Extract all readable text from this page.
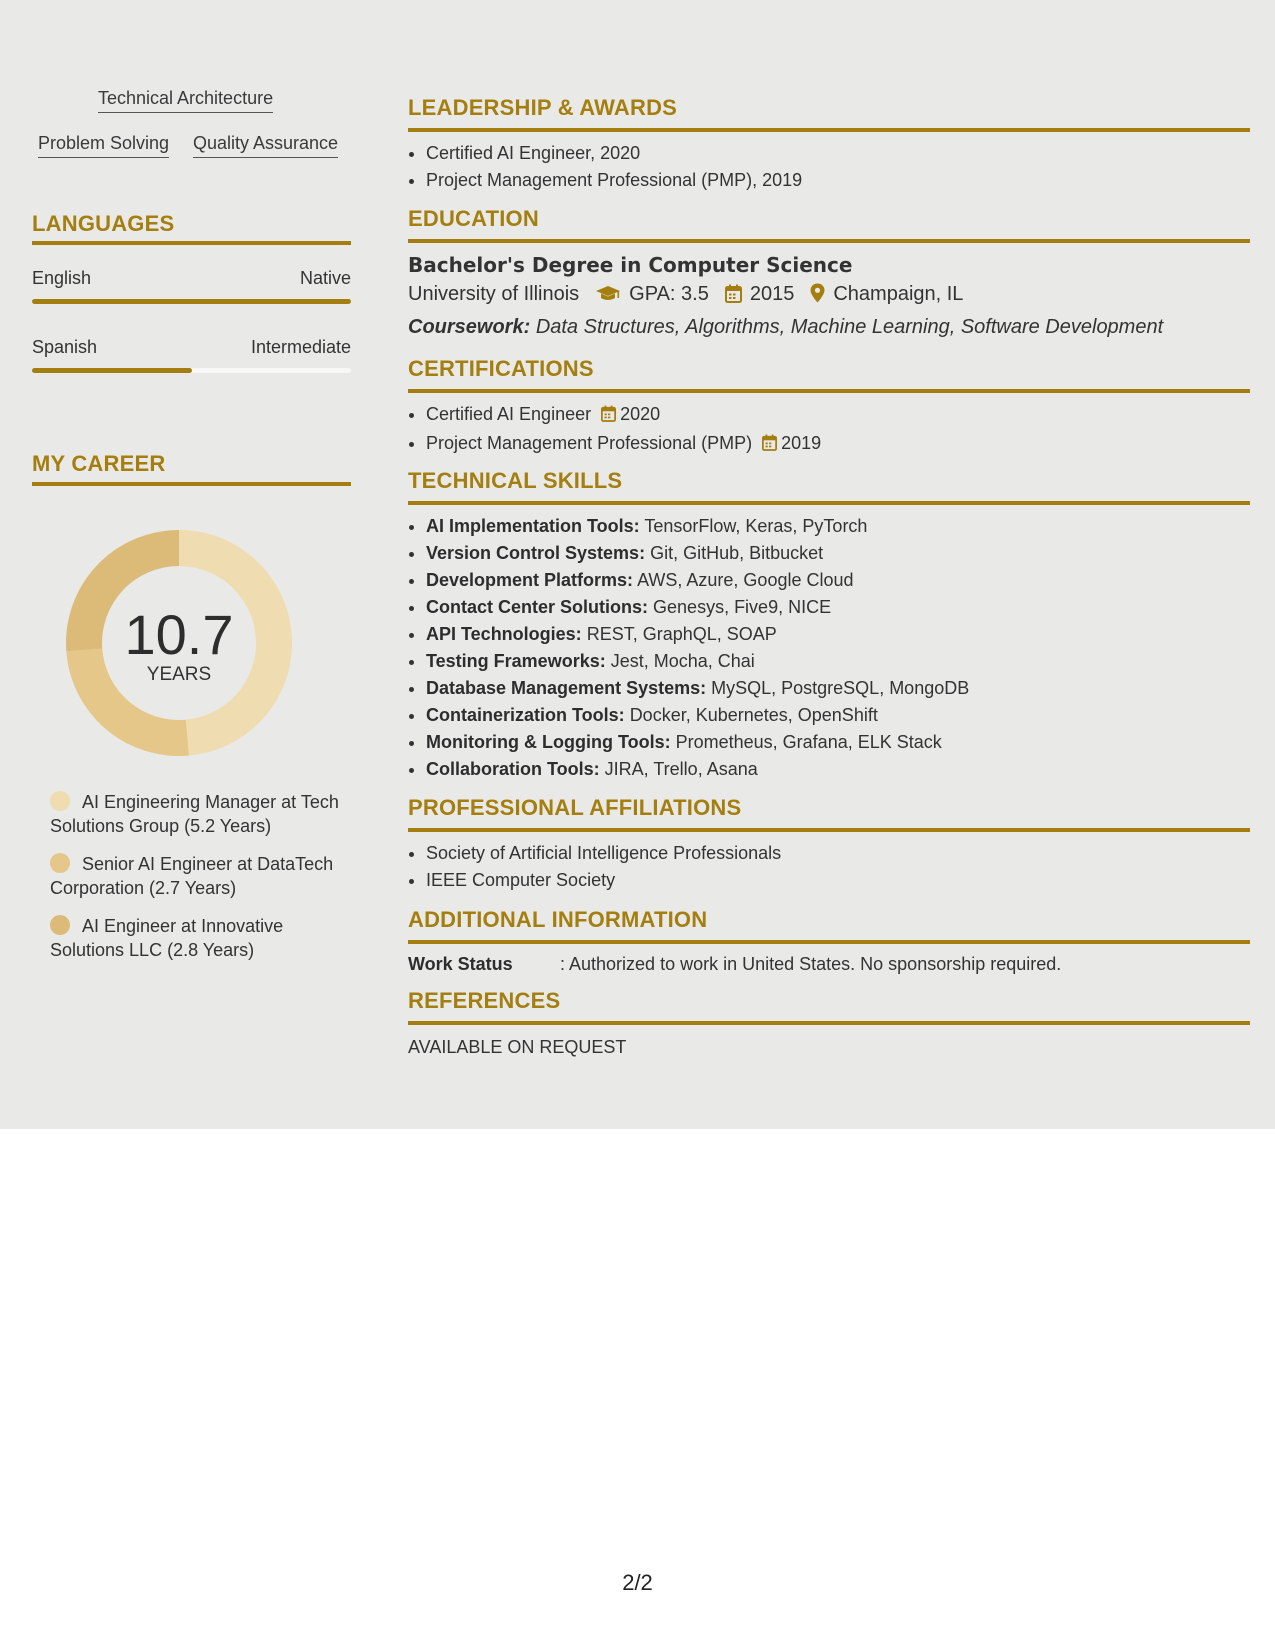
Technical Architecture
Problem Solving Quality Assurance
LANGUAGES
English	Native
Spanish	Intermediate
MY CAREER
10.7
YEARS
AI Engineering Manager at Tech Solutions Group (5.2 Years)
Senior AI Engineer at DataTech Corporation (2.7 Years)
AI Engineer at Innovative Solutions LLC (2.8 Years)
LEADERSHIP & AWARDS
• Certified AI Engineer, 2020
• Project Management Professional (PMP), 2019
EDUCATION
Bachelor's Degree in Computer Science
University of Illinois	GPA: 3.5 2015 Champaign, IL
Coursework: Data Structures, Algorithms, Machine Learning, Software Development
CERTIFICATIONS
• Certified AI Engineer 2020
• Project Management Professional (PMP) 2019
TECHNICAL SKILLS
• AI Implementation Tools: TensorFlow, Keras, PyTorch
• Version Control Systems: Git, GitHub, Bitbucket
• Development Platforms: AWS, Azure, Google Cloud
• Contact Center Solutions: Genesys, Five9, NICE
• API Technologies: REST, GraphQL, SOAP
• Testing Frameworks: Jest, Mocha, Chai
• Database Management Systems: MySQL, PostgreSQL, MongoDB
• Containerization Tools: Docker, Kubernetes, OpenShift
• Monitoring & Logging Tools: Prometheus, Grafana, ELK Stack
• Collaboration Tools: JIRA, Trello, Asana
PROFESSIONAL AFFILIATIONS
• Society of Artificial Intelligence Professionals
• IEEE Computer Society
ADDITIONAL INFORMATION
Work Status	: Authorized to work in United States. No sponsorship required.
REFERENCES
AVAILABLE ON REQUEST
2/2
